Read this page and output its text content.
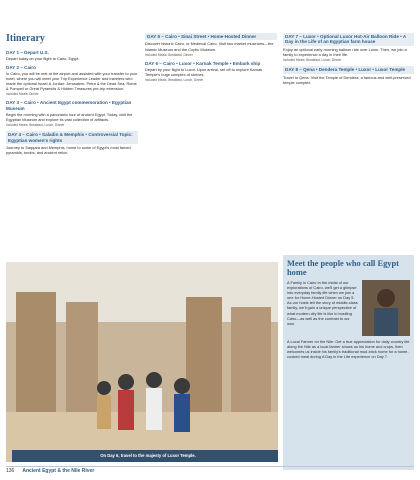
Itinerary
DAY 1 – Depart U.S.
Depart today on your flight to Cairo, Egypt.
DAY 2 – Cairo
In Cairo, you will be met at the airport and assisted with your transfer to your hotel, where you will meet your Trip Experience Leader and travelers who made the optional Israel & Jordan: Jerusalem, Petra & the Dead Sea, Rome & Pompeii or Great Pyramids & Hidden Treasures pre-trip extension.
Included Meals: Dinner
DAY 3 – Cairo • Ancient Egypt commemoration • Egyptian Museum
Begin the morning with a panoramic tour of ancient Egypt. Today, visit the Egyptian Museum and explore its vast collection of artifacts.
Included Meals: Breakfast, Lunch, Dinner
DAY 4 – Cairo • Saladin & Memphis • Controversial Topic: Egyptian women's rights
Journey to Saqqara and Memphis, home to some of Egypt's most famed pyramids, tombs, and ancient relics.
DAY 5 – Cairo • Sinai Street • Home-Hosted Dinner
Discover historic Cairo, or Medieval Cairo. Visit two market museums—the Islamic Museum and the Coptic Museum.
Included Meals: Breakfast, Dinner
DAY 6 – Cairo • Luxor • Karnak Temple • Embark ship
Depart by your flight to Luxor. Upon arrival, set off to explore Karnak Temple's huge complex of shrines.
Included Meals: Breakfast, Lunch, Dinner
DAY 7 – Luxor • Optional Luxor Hot-Air Balloon Ride • A Day in the Life of an Egyptian farm house
Enjoy an optional early-morning balloon ride over Luxor. Then, we join a family to experience a day in their life.
Included Meals: Breakfast, Lunch, Dinner
DAY 8 – Qena • Dendera Temple • Luxor • Luxor Temple
Travel to Qena. Visit the Temple of Dendera, a famous and well-preserved temple complex.
On Day 6, travel to the majesty of Luxor Temple.
Meet the people who call Egypt home
A Family in Cairo In the midst of our explorations of Cairo, we'll get a glimpse into everyday family life when we join a one for Home-Hosted Dinner on Day 5. As our hosts tell the story of middle-class family, we'll gain a unique perspective of what modern city life is like in bustling Cairo—as well as the contrast to our own.
A Local Farmer on the Nile: Get a true appreciation for daily country life along the Nile as a local farmer shows us his home and crops, then welcomes us inside his family's traditional mud-brick home for a home-cooked meal during A Day in the Life experience on Day 7.
136 Ancient Egypt & the Nile River
